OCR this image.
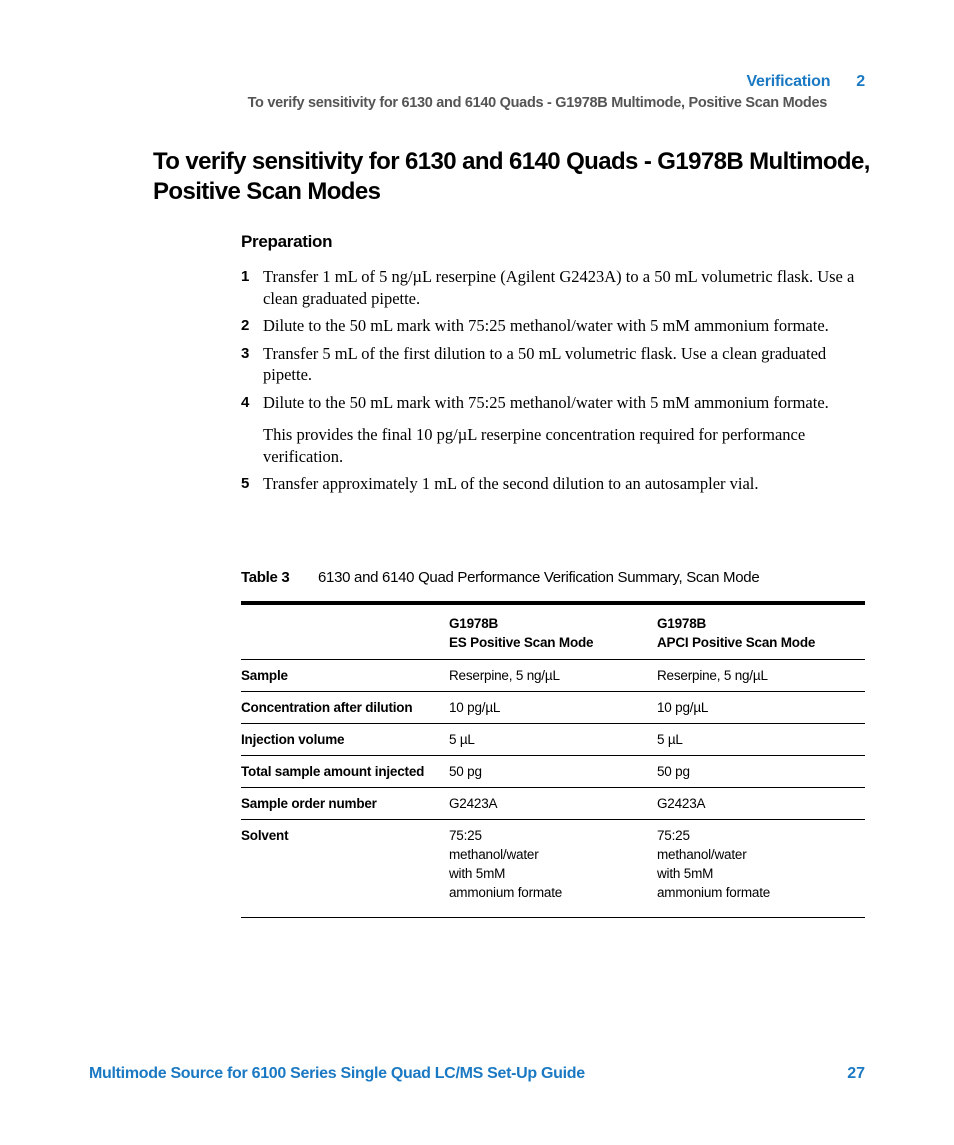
Verification 2
To verify sensitivity for 6130 and 6140 Quads - G1978B Multimode, Positive Scan Modes
To verify sensitivity for 6130 and 6140 Quads - G1978B Multimode, Positive Scan Modes
Preparation
1 Transfer 1 mL of 5 ng/µL reserpine (Agilent G2423A) to a 50 mL volumetric flask. Use a clean graduated pipette.
2 Dilute to the 50 mL mark with 75:25 methanol/water with 5 mM ammonium formate.
3 Transfer 5 mL of the first dilution to a 50 mL volumetric flask. Use a clean graduated pipette.
4 Dilute to the 50 mL mark with 75:25 methanol/water with 5 mM ammonium formate.
This provides the final 10 pg/µL reserpine concentration required for performance verification.
5 Transfer approximately 1 mL of the second dilution to an autosampler vial.
Table 3 6130 and 6140 Quad Performance Verification Summary, Scan Mode

	G1978B
ES Positive Scan Mode	G1978B
APCI Positive Scan Mode

Sample	Reserpine, 5 ng/µL	Reserpine, 5 ng/µL

Concentration after dilution	10 pg/µL	10 pg/µL

Injection volume	5 µL	5 µL

Total sample amount injected	50 pg	50 pg

Sample order number	G2423A	G2423A

Solvent	75:25
methanol/water
with 5mM
ammonium formate	75:25
methanol/water
with 5mM
ammonium formate
Multimode Source for 6100 Series Single Quad LC/MS Set-Up Guide	27
